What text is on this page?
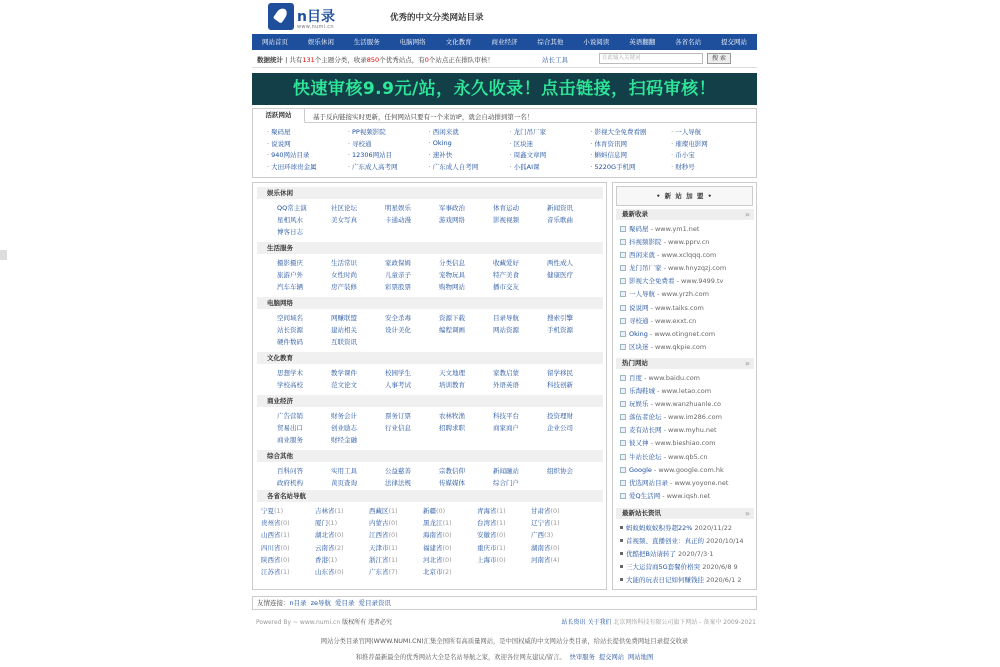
n目录
www.numi.cn
优秀的中文分类网站目录
网站首页	娱乐休闲	生活服务	电脑网络	文化教育	商业经济	综合其他	小说阅读	英语翻翻	各省名站	提交网站
数据统计 | 共有131个主题分类，收录850个优秀站点，有0个站点正在排队审核！	站长工具	在此输入关键词	搜 索
快速审核9.9元/站，永久收录！点击链接，扫码审核！
活跃网站	基于反向链接实时更新，任何网站只要有一个来访IP，就会自动排到第一名！
· 聚码屋	· PP视频影院	· 西闲来就	· 龙门吊厂家	· 影视大全免费看剧	· 一人导航
· 说说网	· 寻校通	· Oking	· 区块迷	· 体育资讯网	· 璀璨电影网
· 940网站目录	· 12306网站目	· 速补快	· 周鑫文章网	· 蝌蚪信息网	· 币小宝
· 大田环球贵金属	· 广东成人高考网	· 广东成人自考网	· 小狐AI课	· 5220G手机网	· 财秒号
娱乐休闲
QQ常主演	社区论坛	明星娱乐	军事政治	体育运动	新闻资讯
星相风水	美女写真	卡通动漫	游戏网络	影视视频	音乐歌曲
博客日志
生活服务
摄影摄庆	生活常识	家政保姆	分类信息	收藏爱好	两性成人
旅游户外	女性时尚	儿童亲子	宠物玩具	特产美食	健康医疗
汽车车辆	房产装修	彩票股票	购物网站	播市交友
电脑网络
空间域名	网赚联盟	安全杀毒	资源下载	目录导航	搜索引擎
站长资源	建站相关	设计美化	编程调画	网站资源	手机资源
硬件数码	互联资讯
文化教育
思想学术	教学课件	校园学生	天文地理	家教启蒙	留学移民
学校高校	范文论文	人事考试	培训教育	外语英语	科技创新
商业经济
广告营销	财务会计	票务订票	农林牧渔	科技平台	投资理财
贸易出口	创业励志	行业信息	招聘求职	商家商户	企业公司
商业服务	财经金融
综合其他
百科问答	实用工具	公益慈善	宗教信仰	新闻融站	组织协会
政府机构	黄页查询	法律法规	传媒媒体	综合门户
各省名站导航
宁夏(1)	吉林省(1)	西藏区(1)	新疆(0)	青海省(1)	甘肃省(0)
贵州省(0)	厦门(1)	内蒙古(0)	黑龙江(1)	台湾省(1)	辽宁省(1)
山西省(1)	湖北省(0)	江西省(0)	海南省(0)	安徽省(0)	广西(3)
四川省(0)	云南省(2)	天津市(1)	福建省(0)	重庆市(1)	湖南省(0)
陕西省(0)	香港(1)	浙江省(1)	河北省(0)	上海市(0)	河南省(4)
江苏省(1)	山东省(0)	广东省(7)	北京市(2)
• 新 站 加 盟 •
最新收录 »
聚码屋 - www.ym1.net
抖视频影院 - www.pprv.cn
西闲来就 - www.xclqqq.com
龙门吊厂家 - www.hnyzqzj.com
影视大全免费看 - www.9499.tv
一人导航 - www.yrzh.com
说说网 - www.taiks.com
寻校通 - www.exxt.cn
Oking - www.otingnet.com
区块迷 - www.qkpie.com
热门网站 »
百度 - www.baidu.com
乐淘鞋城 - www.letao.com
玩娱乐 - www.wanzhuanle.co
落伍者论坛 - www.im286.com
麦有站长网 - www.myhu.net
彼又神 - www.bieshiao.com
牛站长论坛 - www.qb5.cn
Google - www.google.com.hk
优选网站目录 - www.yoyone.net
爱Q生活网 - www.iqsh.net
最新站长资讯 »
蚂蚁蚂蚁蚁积券超22% 2020/11/22
首视频、直播创业：真正的 2020/10/14
优酷把B站请转了 2020/7/3·1
三大运营商5G套餐价格突 2020/6/8 9
大能的玩表日记如何赚钱挂 2020/6/1 2
友情连接：n目录 ze导航 爱目录 爱目录资讯
Powered By ~ www.numi.cn 版权所有 违者必究	站长资讯 关于我们 北京网络科技有限公司旗下网站 - 备案中 2009-2021
网站分类目录官网(WWW.NUMI.CN)汇集全国所有高质量网站，是中国权威的中文网站分类目录，给站长提供免费网址目录提交收录
和推荐最新最全的优秀网站大全是名站导航之家，欢迎各位网友建议/留言。 快审服务 提交网站 网站地图
